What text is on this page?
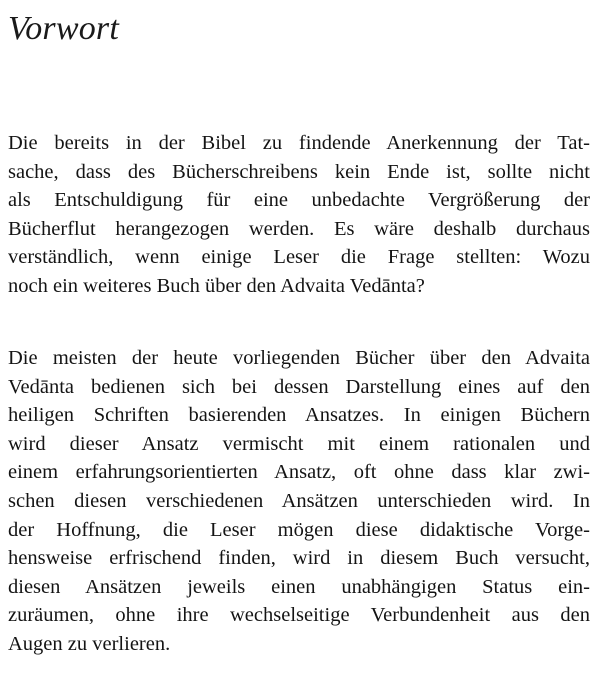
Vorwort
Die bereits in der Bibel zu findende Anerkennung der Tat-
sache, dass des Bücherschreibens kein Ende ist, sollte nicht
als Entschuldigung für eine unbedachte Vergrößerung der
Bücherflut herangezogen werden. Es wäre deshalb durchaus
verständlich, wenn einige Leser die Frage stellten: Wozu
noch ein weiteres Buch über den Advaita Vedānta?
Die meisten der heute vorliegenden Bücher über den Advaita
Vedānta bedienen sich bei dessen Darstellung eines auf den
heiligen Schriften basierenden Ansatzes. In einigen Büchern
wird dieser Ansatz vermischt mit einem rationalen und
einem erfahrungsorientierten Ansatz, oft ohne dass klar zwi-
schen diesen verschiedenen Ansätzen unterschieden wird. In
der Hoffnung, die Leser mögen diese didaktische Vorge-
hensweise erfrischend finden, wird in diesem Buch versucht,
diesen Ansätzen jeweils einen unabhängigen Status ein-
zuräumen, ohne ihre wechselseitige Verbundenheit aus den
Augen zu verlieren.
